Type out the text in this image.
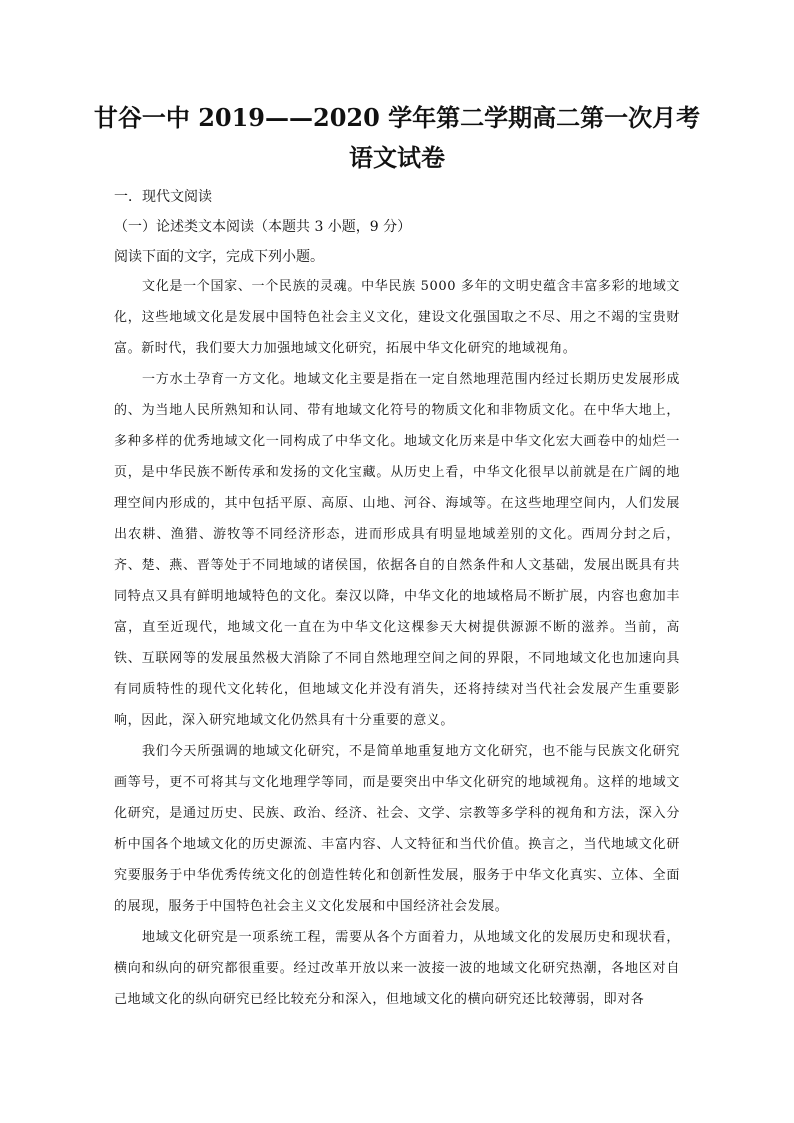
甘谷一中 2019——2020 学年第二学期高二第一次月考
语文试卷
一．现代文阅读
（一）论述类文本阅读（本题共 3 小题，9 分）
阅读下面的文字，完成下列小题。

文化是一个国家、一个民族的灵魂。中华民族 5000 多年的文明史蕴含丰富多彩的地域文化，这些地域文化是发展中国特色社会主义文化，建设文化强国取之不尽、用之不竭的宝贵财富。新时代，我们要大力加强地域文化研究，拓展中华文化研究的地域视角。

一方水土孕育一方文化。地域文化主要是指在一定自然地理范围内经过长期历史发展形成的、为当地人民所熟知和认同、带有地域文化符号的物质文化和非物质文化。在中华大地上，多种多样的优秀地域文化一同构成了中华文化。地域文化历来是中华文化宏大画卷中的灿烂一页，是中华民族不断传承和发扬的文化宝藏。从历史上看，中华文化很早以前就是在广阔的地理空间内形成的，其中包括平原、高原、山地、河谷、海域等。在这些地理空间内，人们发展出农耕、渔猎、游牧等不同经济形态，进而形成具有明显地域差别的文化。西周分封之后，齐、楚、燕、晋等处于不同地域的诸侯国，依据各自的自然条件和人文基础，发展出既具有共同特点又具有鲜明地域特色的文化。秦汉以降，中华文化的地域格局不断扩展，内容也愈加丰富，直至近现代，地域文化一直在为中华文化这棵参天大树提供源源不断的滋养。当前，高铁、互联网等的发展虽然极大消除了不同自然地理空间之间的界限，不同地域文化也加速向具有同质特性的现代文化转化，但地域文化并没有消失，还将持续对当代社会发展产生重要影响，因此，深入研究地域文化仍然具有十分重要的意义。

我们今天所强调的地域文化研究，不是简单地重复地方文化研究，也不能与民族文化研究画等号，更不可将其与文化地理学等同，而是要突出中华文化研究的地域视角。这样的地域文化研究，是通过历史、民族、政治、经济、社会、文学、宗教等多学科的视角和方法，深入分析中国各个地域文化的历史源流、丰富内容、人文特征和当代价值。换言之，当代地域文化研究要服务于中华优秀传统文化的创造性转化和创新性发展，服务于中华文化真实、立体、全面的展现，服务于中国特色社会主义文化发展和中国经济社会发展。

地域文化研究是一项系统工程，需要从各个方面着力，从地域文化的发展历史和现状看，横向和纵向的研究都很重要。经过改革开放以来一波接一波的地域文化研究热潮，各地区对自己地域文化的纵向研究已经比较充分和深入，但地域文化的横向研究还比较薄弱，即对各
